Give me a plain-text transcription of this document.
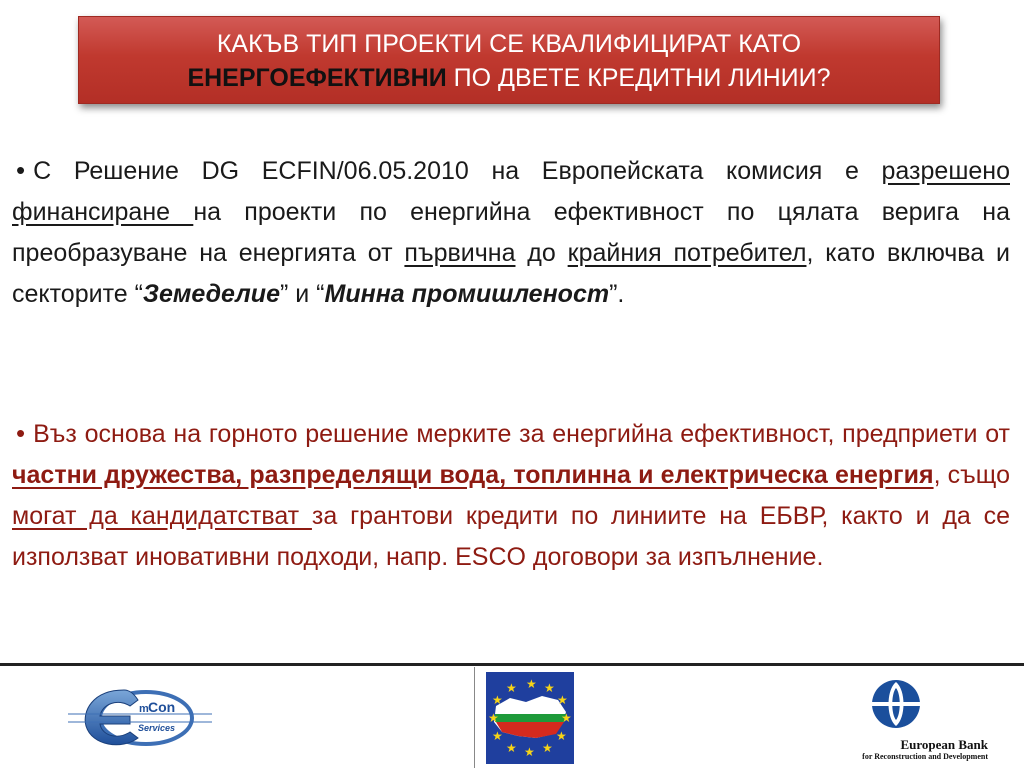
КАКЪВ ТИП ПРОЕКТИ СЕ КВАЛИФИЦИРАТ КАТО
ЕНЕРГОЕФЕКТИВНИ ПО ДВЕТЕ КРЕДИТНИ ЛИНИИ?
• С Решение DG ECFIN/06.05.2010 на Европейската комисия е разрешено финансиране на проекти по енергийна ефективност по цялата верига на преобразуване на енергията от първична до крайния потребител, като включва и секторите “Земеделие” и “Минна промишленост”.
• Въз основа на горното решение мерките за енергийна ефективност, предприети от частни дружества, разпределящи вода, топлинна и електрическа енергия, също могат да кандидатстват за грантови кредити по линиите на ЕБВР, както и да се използват иновативни подходи, напр. ESCO договори за изпълнение.
m Con
Services
★ ★
★
★
★
★
★
★
★
★
★
★
European Bank
for Reconstruction and Development
